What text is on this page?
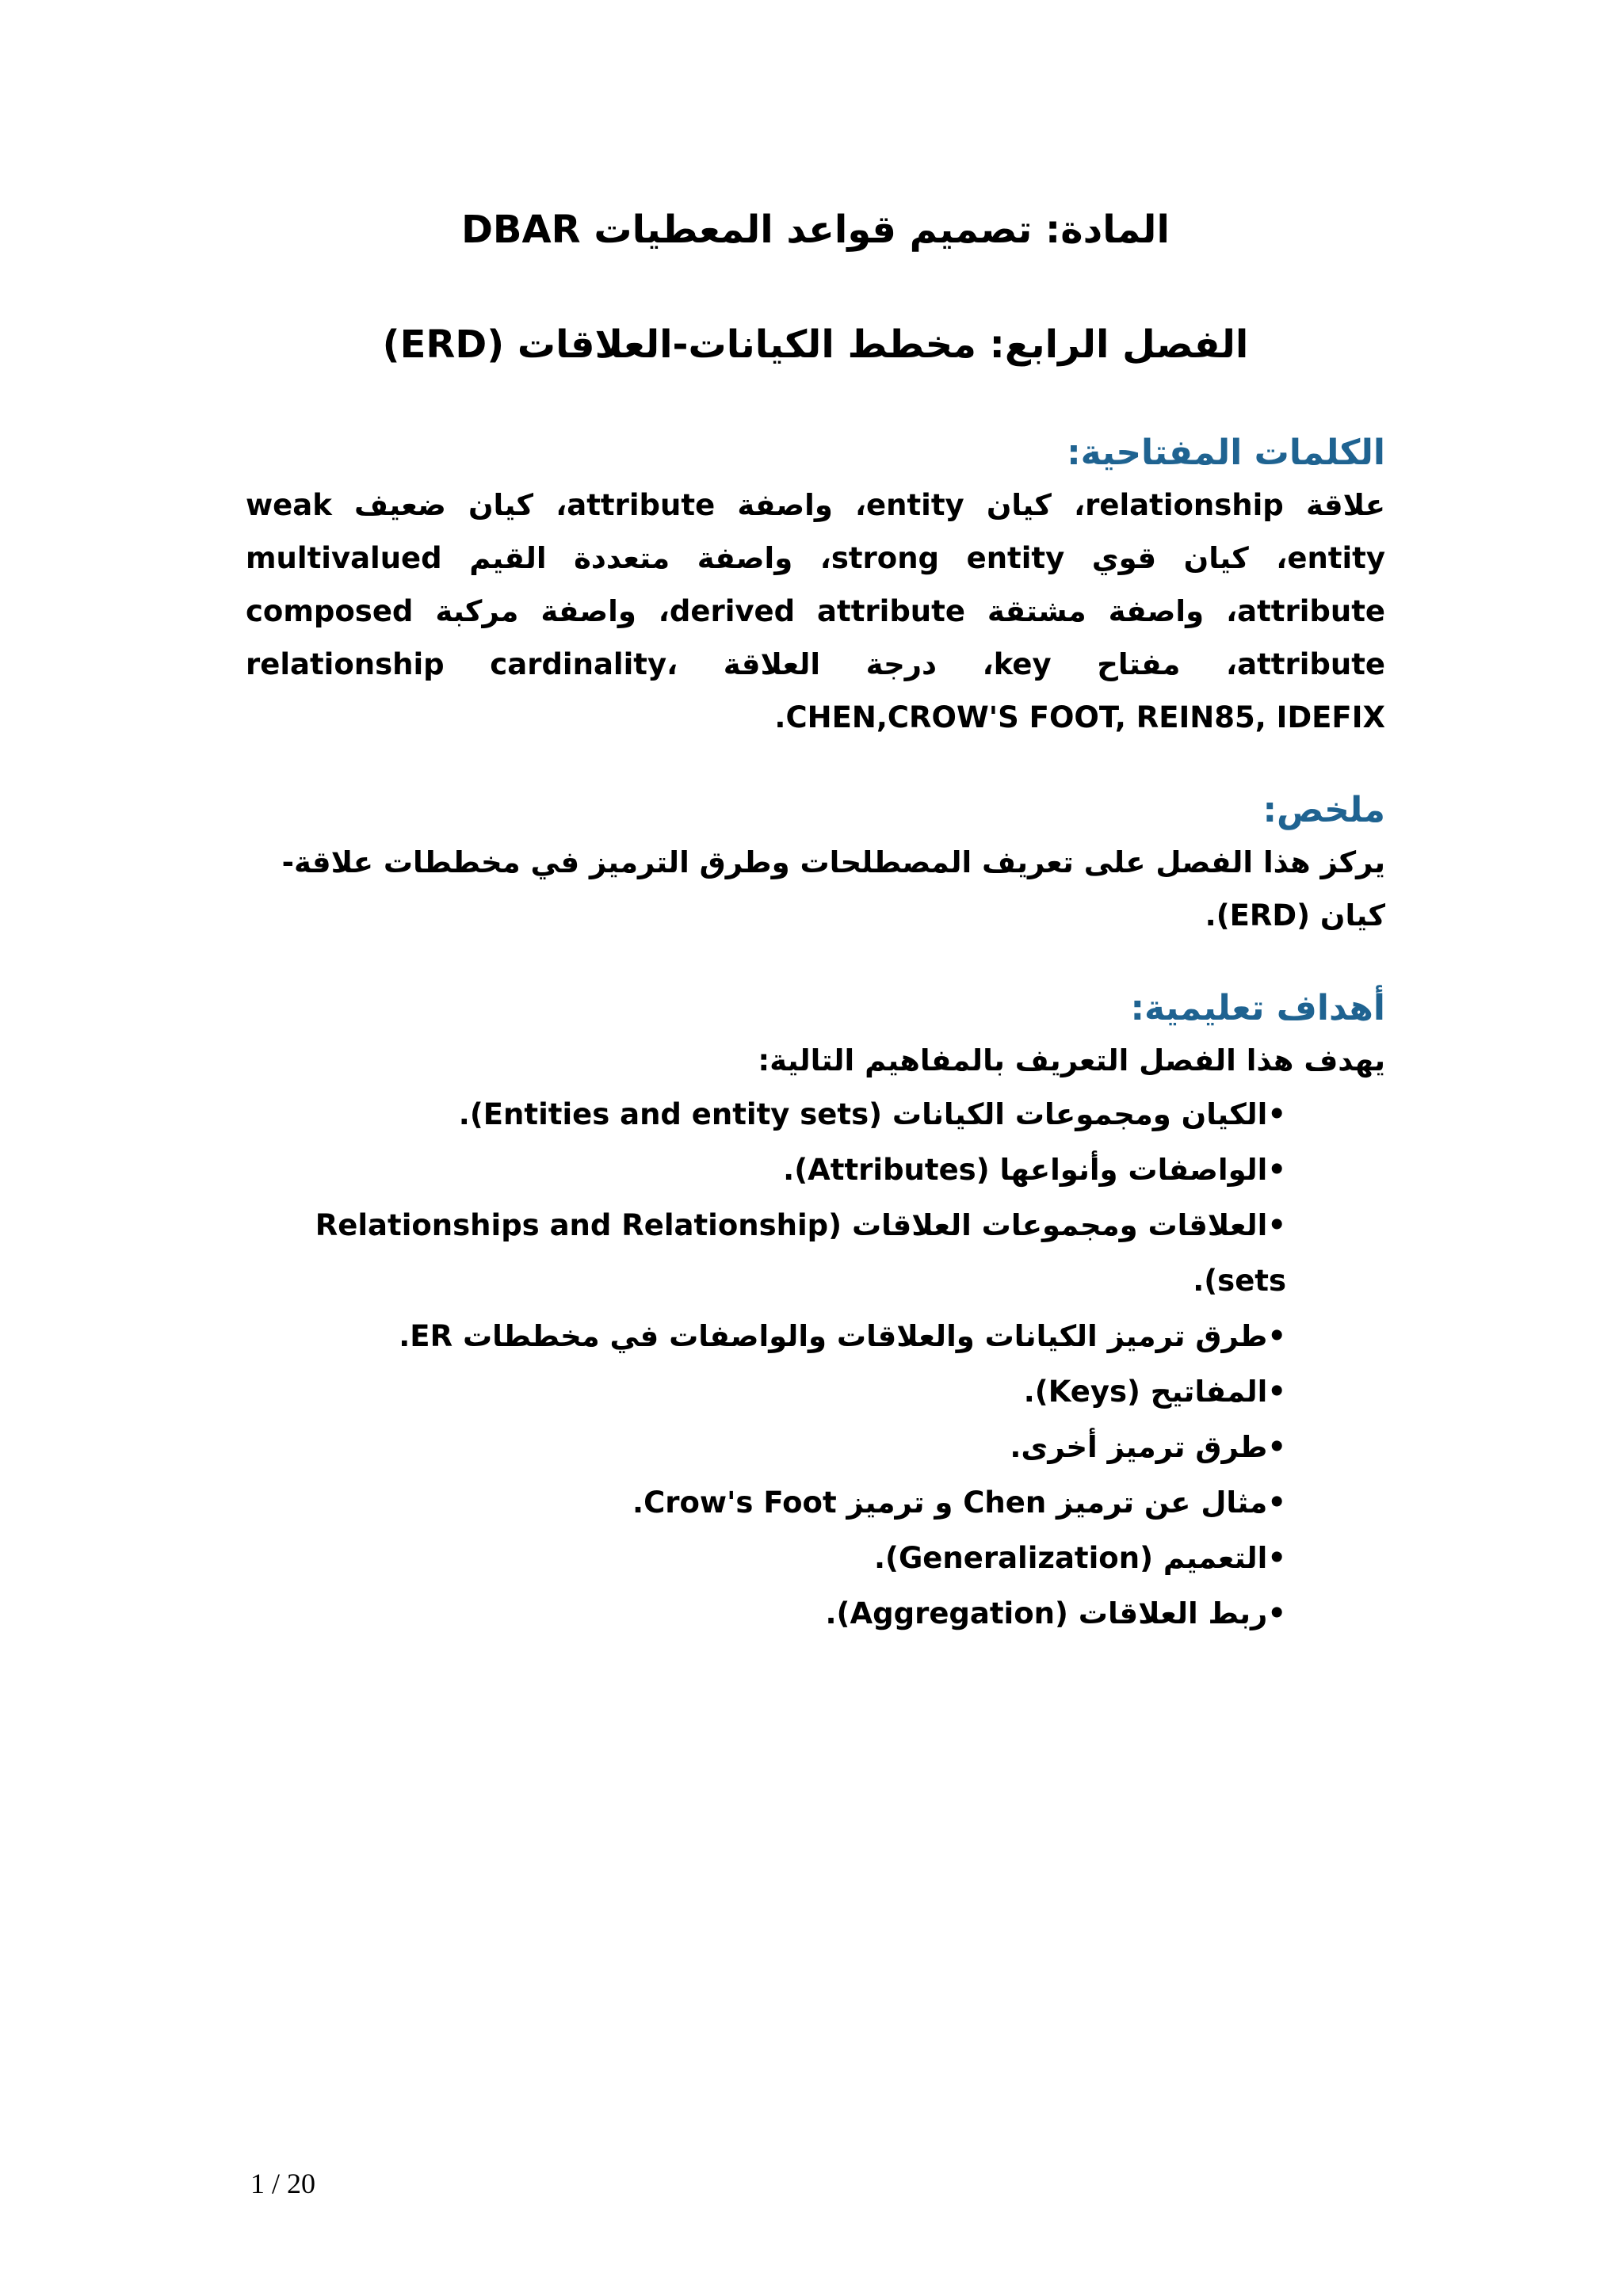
المادة: تصميم قواعد المعطيات DBAR
الفصل الرابع: مخطط الكيانات-العلاقات (ERD)
الكلمات المفتاحية:

علاقة relationship، كيان entity، واصفة attribute، كيان ضعيف weak entity، كيان قوي strong entity، واصفة متعددة القيم multivalued attribute، واصفة مشتقة derived attribute، واصفة مركبة composed attribute، مفتاح key، درجة العلاقة relationship cardinality، CHEN,CROW'S FOOT, REIN85, IDEFIX.

ملخص:

يركز هذا الفصل على تعريف المصطلحات وطرق الترميز في مخططات علاقة-كيان (ERD).

أهداف تعليمية:

يهدف هذا الفصل التعريف بالمفاهيم التالية:

•الكيان ومجموعات الكيانات (Entities and entity sets).
•الواصفات وأنواعها (Attributes).
•العلاقات ومجموعات العلاقات (Relationships and Relationship sets).
•طرق ترميز الكيانات والعلاقات والواصفات في مخططات ER.
•المفاتيح (Keys).
•طرق ترميز أخرى.
•مثال عن ترميز Chen و ترميز Crow's Foot.
•التعميم (Generalization).
•ربط العلاقات (Aggregation).
1 / 20
